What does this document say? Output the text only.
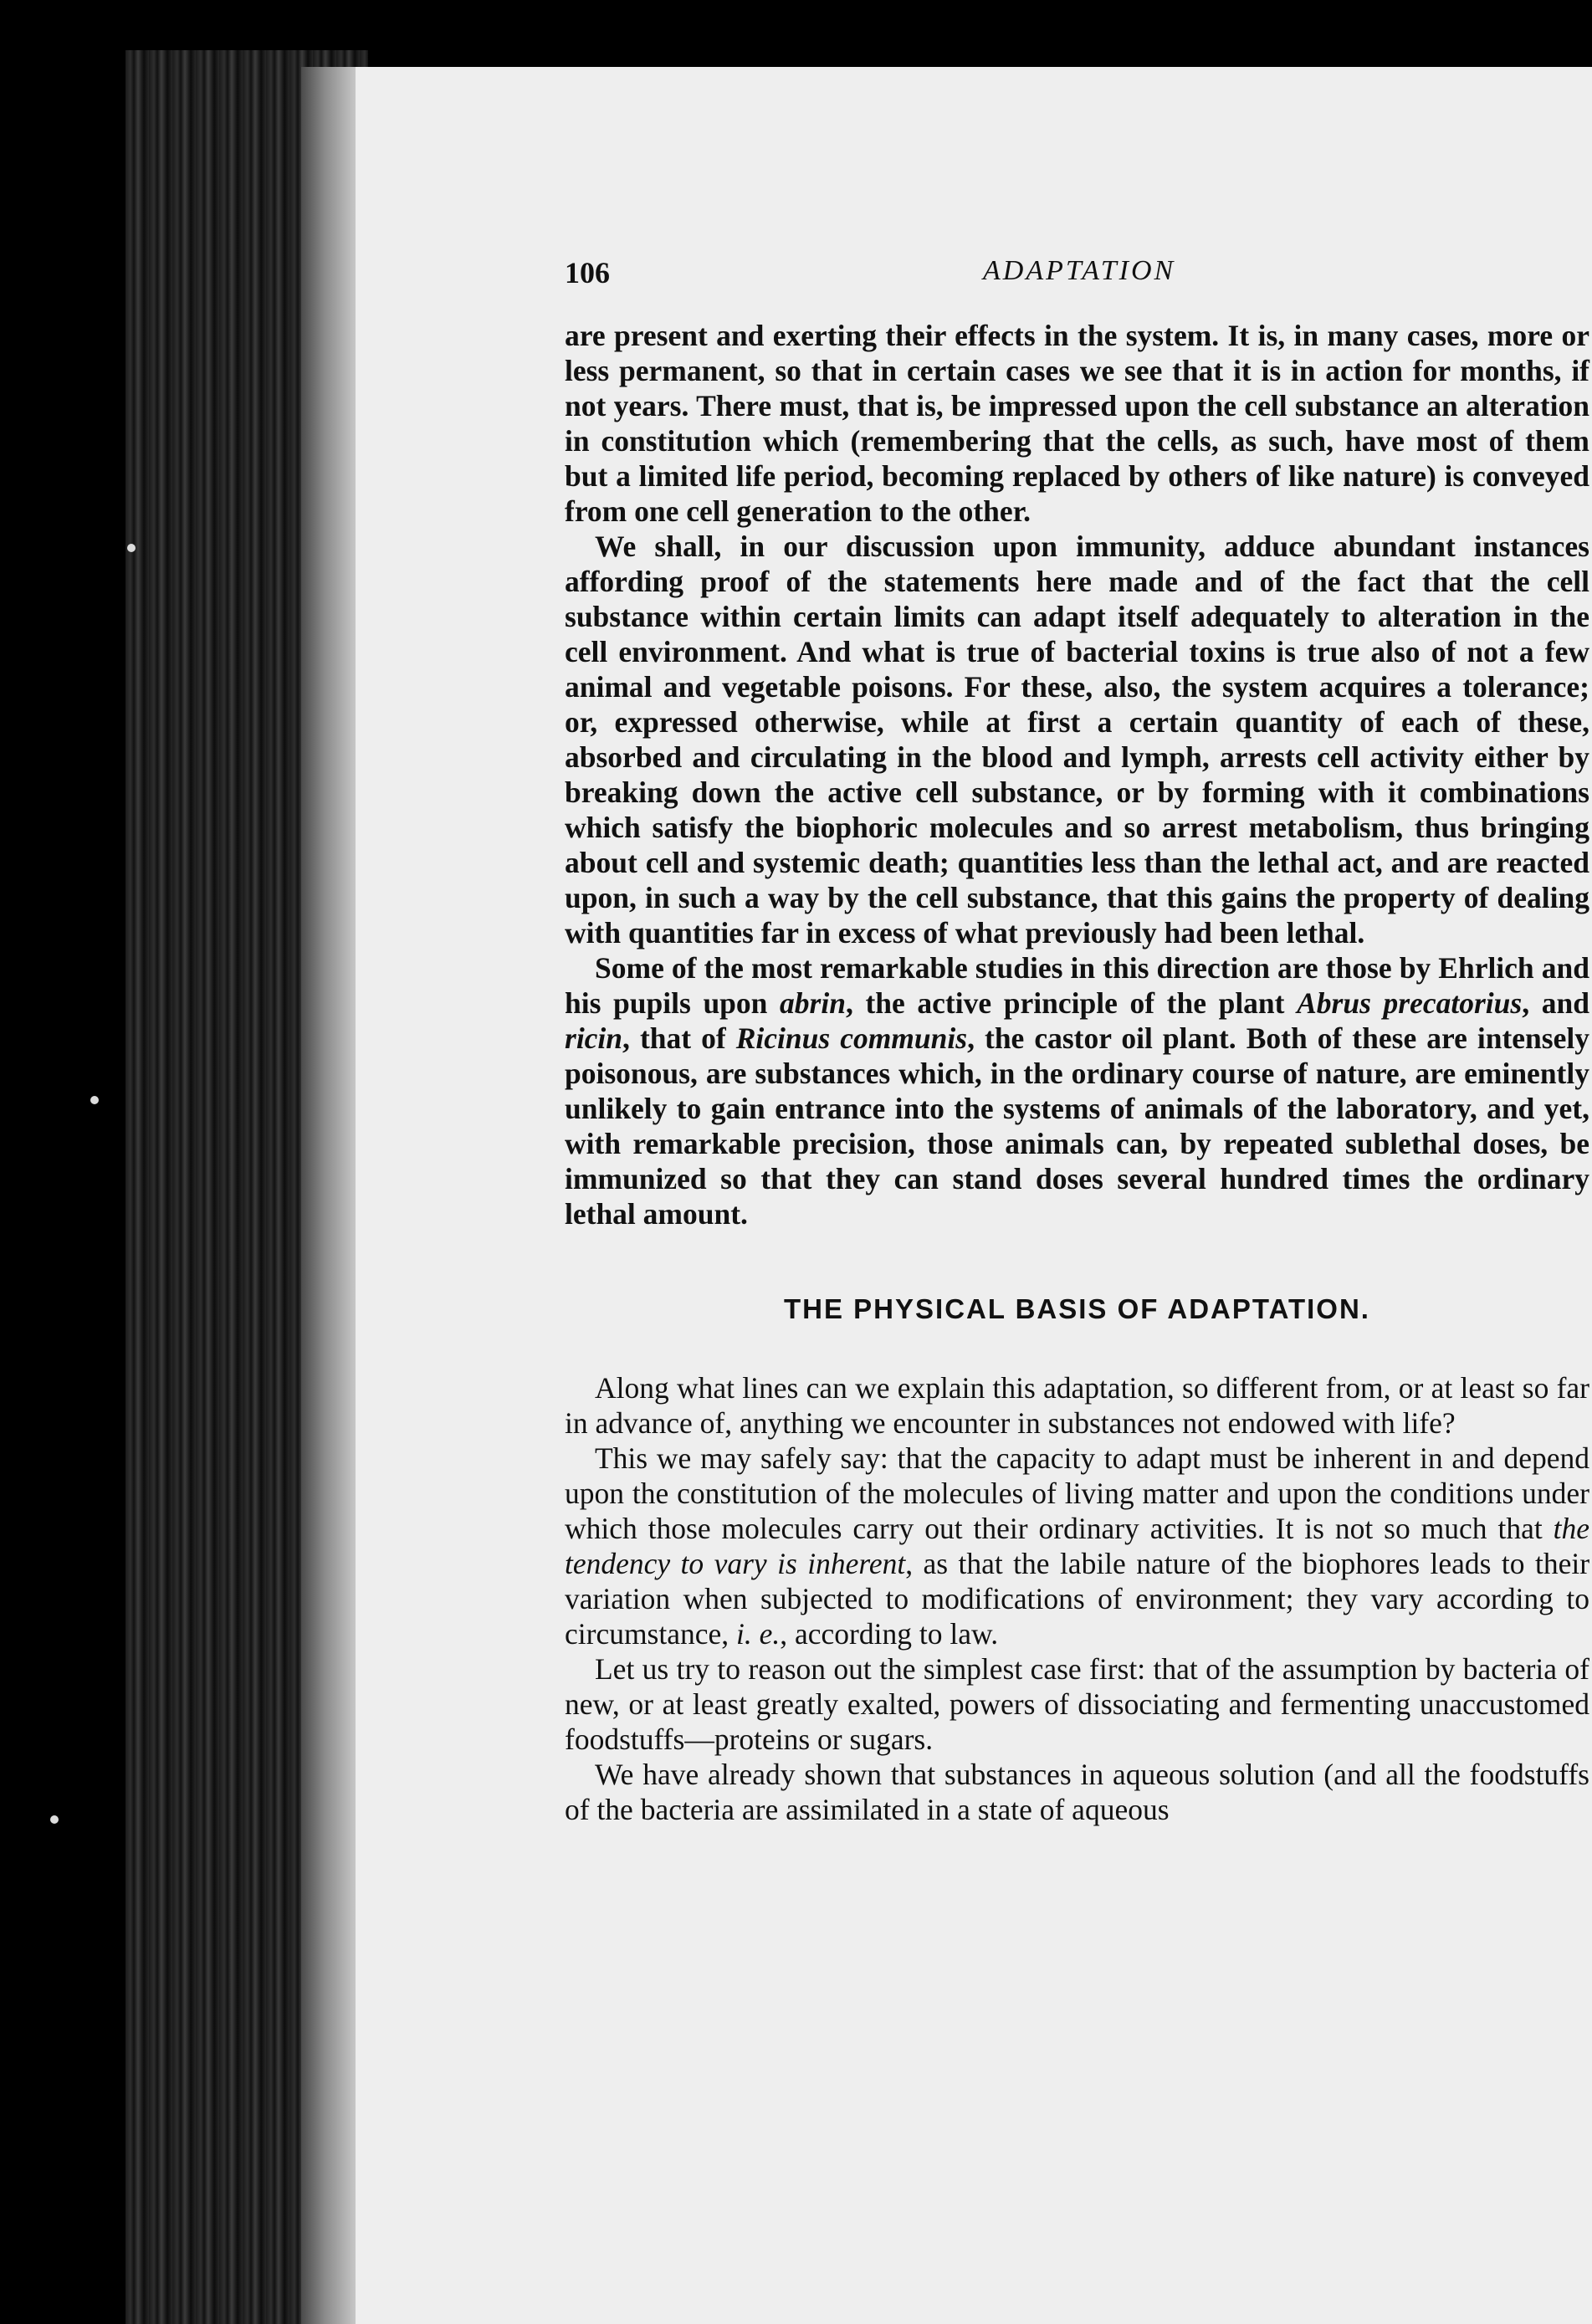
106	ADAPTATION

are present and exerting their effects in the system. It is, in many cases, more or less permanent, so that in certain cases we see that it is in action for months, if not years. There must, that is, be impressed upon the cell substance an alteration in constitution which (remembering that the cells, as such, have most of them but a limited life period, becoming replaced by others of like nature) is conveyed from one cell generation to the other.

We shall, in our discussion upon immunity, adduce abundant instances affording proof of the statements here made and of the fact that the cell substance within certain limits can adapt itself adequately to alteration in the cell environment. And what is true of bacterial toxins is true also of not a few animal and vegetable poisons. For these, also, the system acquires a tolerance; or, expressed otherwise, while at first a certain quantity of each of these, absorbed and circulating in the blood and lymph, arrests cell activity either by breaking down the active cell substance, or by forming with it combinations which satisfy the biophoric molecules and so arrest metabolism, thus bringing about cell and systemic death; quantities less than the lethal act, and are reacted upon, in such a way by the cell substance, that this gains the property of dealing with quantities far in excess of what previously had been lethal.

Some of the most remarkable studies in this direction are those by Ehrlich and his pupils upon abrin, the active principle of the plant Abrus precatorius, and ricin, that of Ricinus communis, the castor oil plant. Both of these are intensely poisonous, are substances which, in the ordinary course of nature, are eminently unlikely to gain entrance into the systems of animals of the laboratory, and yet, with remarkable precision, those animals can, by repeated sublethal doses, be immunized so that they can stand doses several hundred times the ordinary lethal amount.

THE PHYSICAL BASIS OF ADAPTATION.

Along what lines can we explain this adaptation, so different from, or at least so far in advance of, anything we encounter in substances not endowed with life?

This we may safely say: that the capacity to adapt must be inherent in and depend upon the constitution of the molecules of living matter and upon the conditions under which those molecules carry out their ordinary activities. It is not so much that the tendency to vary is inherent, as that the labile nature of the biophores leads to their variation when subjected to modifications of environment; they vary according to circumstance, i. e., according to law.

Let us try to reason out the simplest case first: that of the assumption by bacteria of new, or at least greatly exalted, powers of dissociating and fermenting unaccustomed foodstuffs—proteins or sugars.

We have already shown that substances in aqueous solution (and all the foodstuffs of the bacteria are assimilated in a state of aqueous
